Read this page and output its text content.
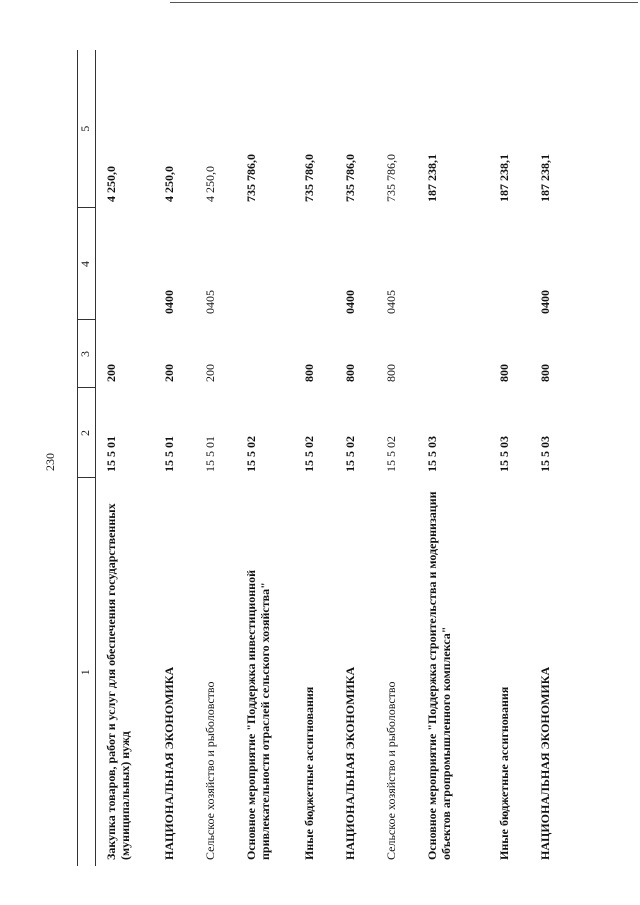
230
1	2	3	4	5
Закупка товаров, работ и услуг для обеспечения государственных (муниципальных) нужд	15 5 01	200		4 250,0
НАЦИОНАЛЬНАЯ ЭКОНОМИКА	15 5 01	200	0400	4 250,0
Сельское хозяйство и рыболовство	15 5 01	200	0405	4 250,0
Основное мероприятие "Поддержка инвестиционной привлекательности отраслей сельского хозяйства"	15 5 02			735 786,0
Иные бюджетные ассигнования	15 5 02	800		735 786,0
НАЦИОНАЛЬНАЯ ЭКОНОМИКА	15 5 02	800	0400	735 786,0
Сельское хозяйство и рыболовство	15 5 02	800	0405	735 786,0
Основное мероприятие "Поддержка строительства и модернизации объектов агропромышленного комплекса"	15 5 03			187 238,1
Иные бюджетные ассигнования	15 5 03	800		187 238,1
НАЦИОНАЛЬНАЯ ЭКОНОМИКА	15 5 03	800	0400	187 238,1
